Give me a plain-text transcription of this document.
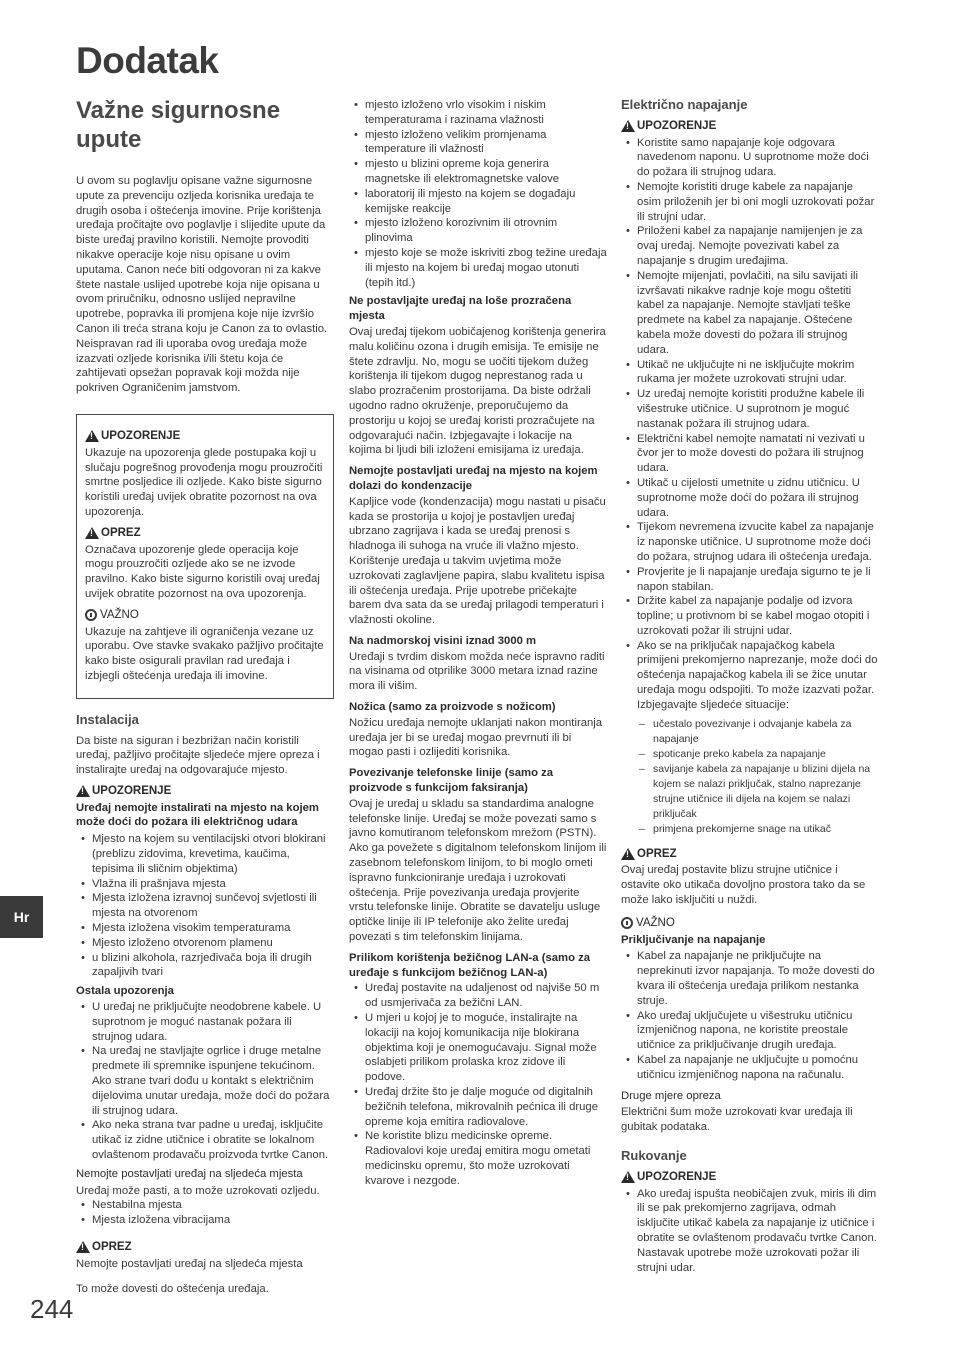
Dodatak
Važne sigurnosne upute

U ovom su poglavlju opisane važne sigurnosne upute za prevenciju ozljeda korisnika uređaja te drugih osoba i oštećenja imovine. Prije korištenja uređaja pročitajte ovo poglavlje i slijedite upute da biste uređaj pravilno koristili. Nemojte provoditi nikakve operacije koje nisu opisane u ovim uputama. Canon neće biti odgovoran ni za kakve štete nastale uslijed upotrebe koja nije opisana u ovom priručniku, odnosno uslijed nepravilne upotrebe, popravka ili promjena koje nije izvršio Canon ili treća strana koju je Canon za to ovlastio. Neispravan rad ili uporaba ovog uređaja može izazvati ozljede korisnika i/ili štetu koja će zahtijevati opsežan popravak koji možda nije pokriven Ograničenim jamstvom.

!
UPOZORENJE

Ukazuje na upozorenja glede postupaka koji u slučaju pogrešnog provođenja mogu prouzročiti smrtne posljedice ili ozljede. Kako biste sigurno koristili uređaj uvijek obratite pozornost na ova upozorenja.

!
OPREZ

Označava upozorenje glede operacija koje mogu prouzročiti ozljede ako se ne izvode pravilno. Kako biste sigurno koristili ovaj uređaj uvijek obratite pozornost na ova upozorenja.

VAŽNO

Ukazuje na zahtjeve ili ograničenja vezane uz uporabu. Ove stavke svakako pažljivo pročitajte kako biste osigurali pravilan rad uređaja i izbjegli oštećenja uređaja ili imovine.

Instalacija

Da biste na siguran i bezbrižan način koristili uređaj, pažljivo pročitajte sljedeće mjere opreza i instalirajte uređaj na odgovarajuće mjesto.

!
UPOZORENJE
Uređaj nemojte instalirati na mjesto na kojem može doći do požara ili električnog udara
• Mjesto na kojem su ventilacijski otvori blokirani (preblizu zidovima, krevetima, kaučima, tepisima ili sličnim objektima)
• Vlažna ili prašnjava mjesta
• Mjesta izložena izravnoj sunčevoj svjetlosti ili mjesta na otvorenom
• Mjesta izložena visokim temperaturama
• Mjesto izloženo otvorenom plamenu
• u blizini alkohola, razrjeđivača boja ili drugih zapaljivih tvari
Ostala upozorenja
• U uređaj ne priključujte neodobrene kabele. U suprotnom je moguć nastanak požara ili strujnog udara.
• Na uređaj ne stavljajte ogrlice i druge metalne predmete ili spremnike ispunjene tekućinom. Ako strane tvari dođu u kontakt s električnim dijelovima unutar uređaja, može doći do požara ili strujnog udara.
• Ako neka strana tvar padne u uređaj, isključite utikač iz zidne utičnice i obratite se lokalnom ovlaštenom prodavaču proizvoda tvrtke Canon.
Nemojte postavljati uređaj na sljedeća mjesta

Uređaj može pasti, a to može uzrokovati ozljedu.

• Nestabilna mjesta
• Mjesta izložena vibracijama
!
OPREZ

Nemojte postavljati uređaj na sljedeća mjesta

To može dovesti do oštećenja uređaja.

• mjesto izloženo vrlo visokim i niskim temperaturama i razinama vlažnosti
• mjesto izloženo velikim promjenama temperature ili vlažnosti
• mjesto u blizini opreme koja generira magnetske ili elektromagnetske valove
• laboratorij ili mjesto na kojem se događaju kemijske reakcije
• mjesto izloženo korozivnim ili otrovnim plinovima
• mjesto koje se može iskriviti zbog težine uređaja ili mjesto na kojem bi uređaj mogao utonuti (tepih itd.)
Ne postavljajte uređaj na loše prozračena mjesta

Ovaj uređaj tijekom uobičajenog korištenja generira malu količinu ozona i drugih emisija. Te emisije ne štete zdravlju. No, mogu se uočiti tijekom dužeg korištenja ili tijekom dugog neprestanog rada u slabo prozračenim prostorijama. Da biste održali ugodno radno okruženje, preporučujemo da prostoriju u kojoj se uređaj koristi prozračujete na odgovarajući način. Izbjegavajte i lokacije na kojima bi ljudi bili izloženi emisijama iz uređaja.

Nemojte postavljati uređaj na mjesto na kojem dolazi do kondenzacije

Kapljice vode (kondenzacija) mogu nastati u pisaču kada se prostorija u kojoj je postavljen uređaj ubrzano zagrijava i kada se uređaj prenosi s hladnoga ili suhoga na vruće ili vlažno mjesto. Korištenje uređaja u takvim uvjetima može uzrokovati zaglavljene papira, slabu kvalitetu ispisa ili oštećenja uređaja. Prije upotrebe pričekajte barem dva sata da se uređaj prilagodi temperaturi i vlažnosti okoline.

Na nadmorskoj visini iznad 3000 m

Uređaji s tvrdim diskom možda neće ispravno raditi na visinama od otprilike 3000 metara iznad razine mora ili višim.

Nožica (samo za proizvode s nožicom)

Nožicu uređaja nemojte uklanjati nakon montiranja uređaja jer bi se uređaj mogao prevrnuti ili bi mogao pasti i ozlijediti korisnika.

Povezivanje telefonske linije (samo za proizvode s funkcijom faksiranja)

Ovaj je uređaj u skladu sa standardima analogne telefonske linije. Uređaj se može povezati samo s javno komutiranom telefonskom mrežom (PSTN). Ako ga povežete s digitalnom telefonskom linijom ili zasebnom telefonskom linijom, to bi moglo ometi ispravno funkcioniranje uređaja i uzrokovati oštećenja. Prije povezivanja uređaja provjerite vrstu telefonske linije. Obratite se davatelju usluge optičke linije ili IP telefonije ako želite uređaj povezati s tim telefonskim linijama.

Prilikom korištenja bežičnog LAN-a (samo za uređaje s funkcijom bežičnog LAN-a)
• Uređaj postavite na udaljenost od najviše 50 m od usmjerivača za bežični LAN.
• U mjeri u kojoj je to moguće, instalirajte na lokaciji na kojoj komunikacija nije blokirana objektima koji je onemogućavaju. Signal može oslabjeti prilikom prolaska kroz zidove ili podove.
• Uređaj držite što je dalje moguće od digitalnih bežičnih telefona, mikrovalnih pećnica ili druge opreme koja emitira radiovalove.
• Ne koristite blizu medicinske opreme. Radiovalovi koje uređaj emitira mogu ometati medicinsku opremu, što može uzrokovati kvarove i nezgode.
Električno napajanje
!
UPOZORENJE
• Koristite samo napajanje koje odgovara navedenom naponu. U suprotnome može doći do požara ili strujnog udara.
• Nemojte koristiti druge kabele za napajanje osim priloženih jer bi oni mogli uzrokovati požar ili strujni udar.
• Priloženi kabel za napajanje namijenjen je za ovaj uređaj. Nemojte povezivati kabel za napajanje s drugim uređajima.
• Nemojte mijenjati, povlačiti, na silu savijati ili izvršavati nikakve radnje koje mogu oštetiti kabel za napajanje. Nemojte stavljati teške predmete na kabel za napajanje. Oštećene kabela može dovesti do požara ili strujnog udara.
• Utikač ne uključujte ni ne isključujte mokrim rukama jer možete uzrokovati strujni udar.
• Uz uređaj nemojte koristiti produžne kabele ili višestruke utičnice. U suprotnom je moguć nastanak požara ili strujnog udara.
• Električni kabel nemojte namatati ni vezivati u čvor jer to može dovesti do požara ili strujnog udara.
• Utikač u cijelosti umetnite u zidnu utičnicu. U suprotnome može doći do požara ili strujnog udara.
• Tijekom nevremena izvucite kabel za napajanje iz naponske utičnice. U suprotnome može doći do požara, strujnog udara ili oštećenja uređaja.
• Provjerite je li napajanje uređaja sigurno te je li napon stabilan.
• Držite kabel za napajanje podalje od izvora topline; u protivnom bi se kabel mogao otopiti i uzrokovati požar ili strujni udar.
• Ako se na priključak napajačkog kabela primijeni prekomjerno naprezanje, može doći do oštećenja napajačkog kabela ili se žice unutar uređaja mogu odspojiti. To može izazvati požar. Izbjegavajte sljedeće situacije:
– učestalo povezivanje i odvajanje kabela za napajanje
– spoticanje preko kabela za napajanje
– savijanje kabela za napajanje u blizini dijela na kojem se nalazi priključak, stalno naprezanje strujne utičnice ili dijela na kojem se nalazi priključak
– primjena prekomjerne snage na utikač
!
OPREZ

Ovaj uređaj postavite blizu strujne utičnice i ostavite oko utikača dovoljno prostora tako da se može lako isključiti u nuždi.

VAŽNO
Priključivanje na napajanje
• Kabel za napajanje ne priključujte na neprekinuti izvor napajanja. To može dovesti do kvara ili oštećenja uređaja prilikom nestanka struje.
• Ako uređaj uključujete u višestruku utičnicu izmjeničnog napona, ne koristite preostale utičnice za priključivanje drugih uređaja.
• Kabel za napajanje ne uključujte u pomoćnu utičnicu izmjeničnog napona na računalu.
Druge mjere opreza

Električni šum može uzrokovati kvar uređaja ili gubitak podataka.

Rukovanje
!
UPOZORENJE
• Ako uređaj ispušta neobičajen zvuk, miris ili dim ili se pak prekomjerno zagrijava, odmah isključite utikač kabela za napajanje iz utičnice i obratite se ovlaštenom prodavaču tvrtke Canon. Nastavak upotrebe može uzrokovati požar ili strujni udar.
Hr
244
